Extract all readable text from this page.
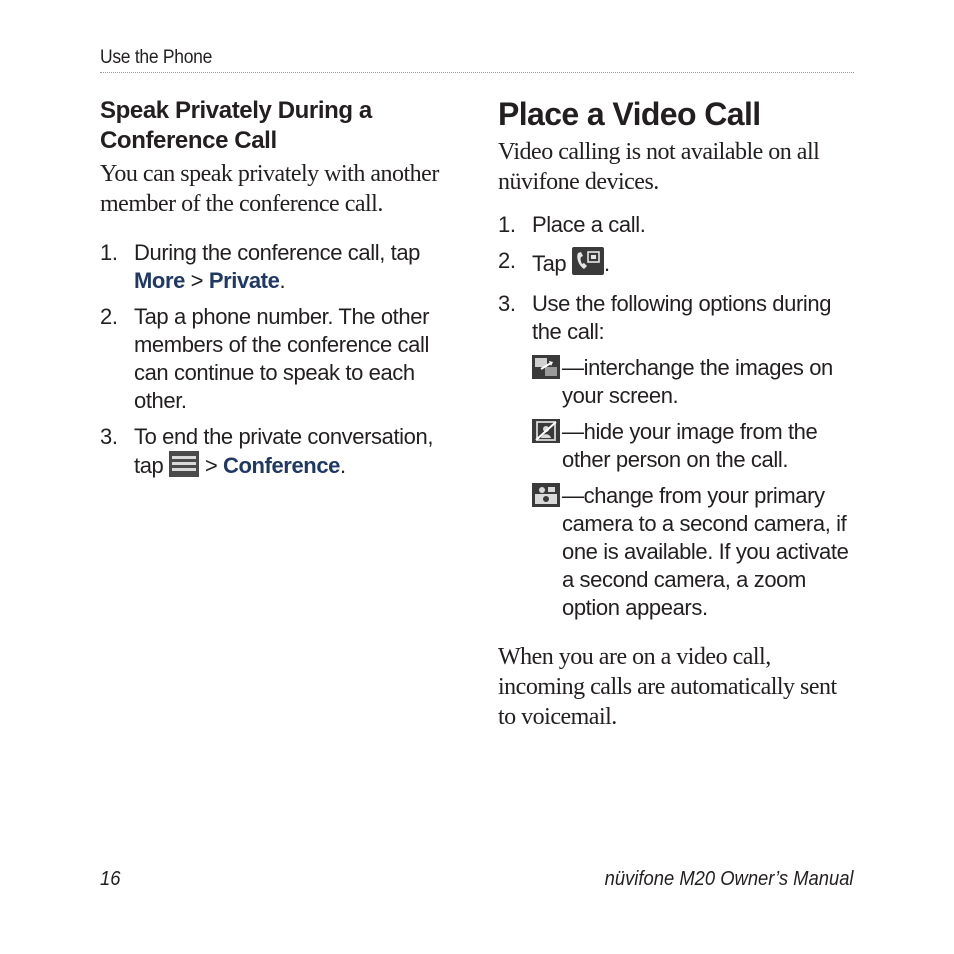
Use the Phone
Speak Privately During a Conference Call

You can speak privately with another member of the conference call.

1. During the conference call, tap More > Private.
2. Tap a phone number. The other members of the conference call can continue to speak to each other.
3. To end the private conversation, tap  > Conference.
Place a Video Call

Video calling is not available on all nüvifone devices.

1. Place a call.
2. Tap .
3. Use the following options during the call:
—interchange the images on your screen.
—hide your image from the other person on the call.
—change from your primary camera to a second camera, if one is available. If you activate a second camera, a zoom option appears.

When you are on a video call, incoming calls are automatically sent to voicemail.

16	nüvifone M20 Owner’s Manual
